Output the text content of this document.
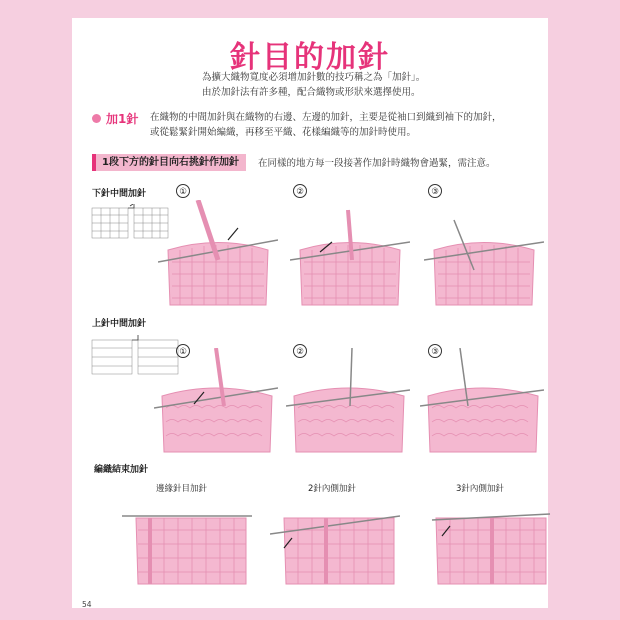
針目的加針
為擴大織物寬度必須增加針數的技巧稱之為「加針」。
由於加針法有許多種，配合織物或形狀來選擇使用。
加1針 在織物的中間加針與在織物的右邊、左邊的加針，主要是從袖口到織到袖下的加針，
或從鬆緊針開始編織，再移至平織、花樣編織等的加針時使用。
1段下方的針目向右挑針作加針	在同樣的地方每一段接著作加針時織物會過緊，需注意。
下針中間加針	①	②	③
上針中間加針
①	②	③
編織結束加針
邊緣針目加針	2針內側加針	3針內側加針
54
